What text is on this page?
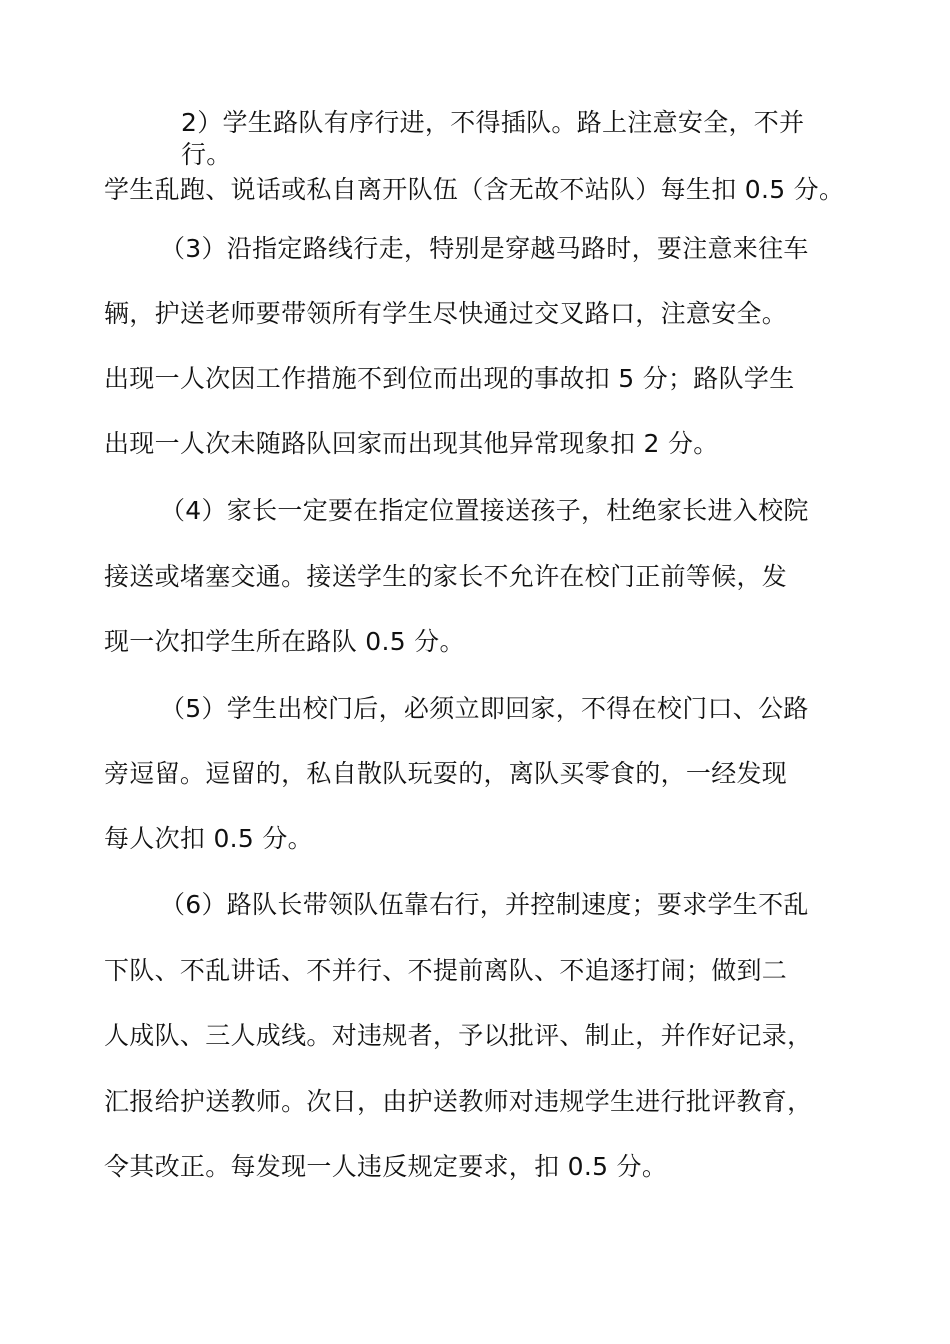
2）学生路队有序行进，不得插队。路上注意安全，不并
行。
学生乱跑、说话或私自离开队伍（含无故不站队）每生扣 0.5 分。
（3）沿指定路线行走，特别是穿越马路时，要注意来往车
辆，护送老师要带领所有学生尽快通过交叉路口，注意安全。
出现一人次因工作措施不到位而出现的事故扣 5 分；路队学生
出现一人次未随路队回家而出现其他异常现象扣 2 分。
（4）家长一定要在指定位置接送孩子，杜绝家长进入校院
接送或堵塞交通。接送学生的家长不允许在校门正前等候，发
现一次扣学生所在路队 0.5 分。
（5）学生出校门后，必须立即回家，不得在校门口、公路
旁逗留。逗留的，私自散队玩耍的，离队买零食的，一经发现
每人次扣 0.5 分。
（6）路队长带领队伍靠右行，并控制速度；要求学生不乱
下队、不乱讲话、不并行、不提前离队、不追逐打闹；做到二
人成队、三人成线。对违规者，予以批评、制止，并作好记录，
汇报给护送教师。次日，由护送教师对违规学生进行批评教育，
令其改正。每发现一人违反规定要求，扣 0.5 分。
